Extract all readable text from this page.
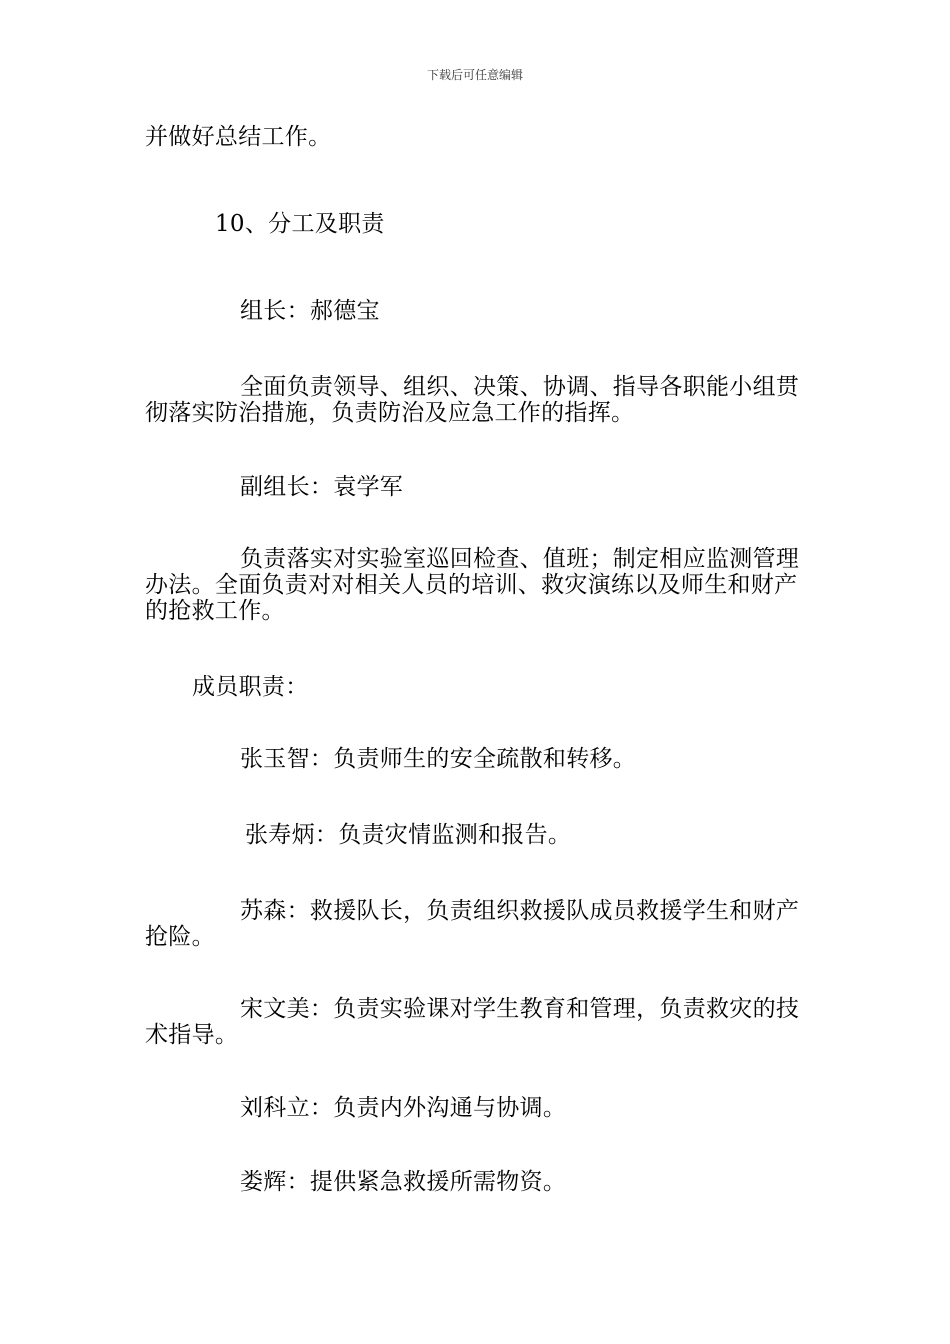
下载后可任意编辑
并做好总结工作。
10、分工及职责
组长：郝德宝
全面负责领导、组织、决策、协调、指导各职能小组贯彻落实防治措施，负责防治及应急工作的指挥。
副组长：袁学军
负责落实对实验室巡回检查、值班；制定相应监测管理办法。全面负责对对相关人员的培训、救灾演练以及师生和财产的抢救工作。
成员职责：
张玉智：负责师生的安全疏散和转移。
张寿炳：负责灾情监测和报告。
苏森：救援队长，负责组织救援队成员救援学生和财产抢险。
宋文美：负责实验课对学生教育和管理，负责救灾的技术指导。
刘科立：负责内外沟通与协调。
娄辉：提供紧急救援所需物资。
